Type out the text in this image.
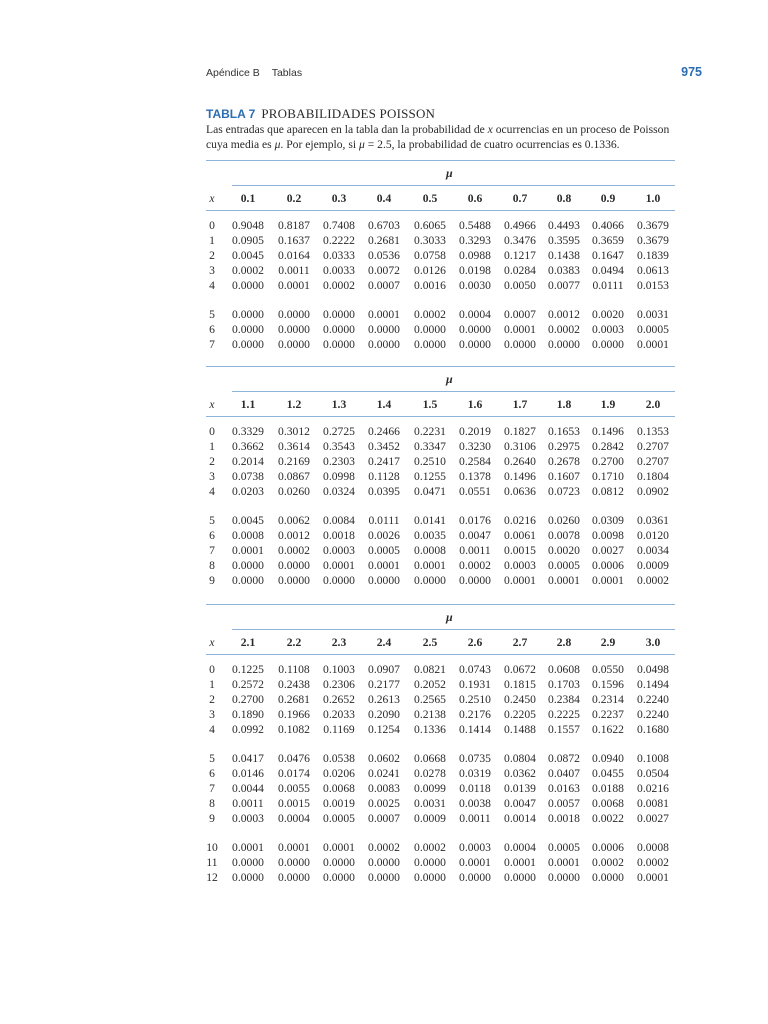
Apéndice B Tablas	975
TABLA 7 PROBABILIDADES POISSON
Las entradas que aparecen en la tabla dan la probabilidad de x ocurrencias en un proceso de Poisson
cuya media es μ. Por ejemplo, si μ = 2.5, la probabilidad de cuatro ocurrencias es 0.1336.
μ
x	0.1	0.2	0.3	0.4	0.5	0.6	0.7	0.8	0.9	1.0
0	0.9048	0.8187	0.7408	0.6703	0.6065	0.5488	0.4966	0.4493	0.4066	0.3679
1	0.0905	0.1637	0.2222	0.2681	0.3033	0.3293	0.3476	0.3595	0.3659	0.3679
2	0.0045	0.0164	0.0333	0.0536	0.0758	0.0988	0.1217	0.1438	0.1647	0.1839
3	0.0002	0.0011	0.0033	0.0072	0.0126	0.0198	0.0284	0.0383	0.0494	0.0613
4	0.0000	0.0001	0.0002	0.0007	0.0016	0.0030	0.0050	0.0077	0.0111	0.0153
5	0.0000	0.0000	0.0000	0.0001	0.0002	0.0004	0.0007	0.0012	0.0020	0.0031
6	0.0000	0.0000	0.0000	0.0000	0.0000	0.0000	0.0001	0.0002	0.0003	0.0005
7	0.0000	0.0000	0.0000	0.0000	0.0000	0.0000	0.0000	0.0000	0.0000	0.0001
μ
x	1.1	1.2	1.3	1.4	1.5	1.6	1.7	1.8	1.9	2.0
0	0.3329	0.3012	0.2725	0.2466	0.2231	0.2019	0.1827	0.1653	0.1496	0.1353
1	0.3662	0.3614	0.3543	0.3452	0.3347	0.3230	0.3106	0.2975	0.2842	0.2707
2	0.2014	0.2169	0.2303	0.2417	0.2510	0.2584	0.2640	0.2678	0.2700	0.2707
3	0.0738	0.0867	0.0998	0.1128	0.1255	0.1378	0.1496	0.1607	0.1710	0.1804
4	0.0203	0.0260	0.0324	0.0395	0.0471	0.0551	0.0636	0.0723	0.0812	0.0902
5	0.0045	0.0062	0.0084	0.0111	0.0141	0.0176	0.0216	0.0260	0.0309	0.0361
6	0.0008	0.0012	0.0018	0.0026	0.0035	0.0047	0.0061	0.0078	0.0098	0.0120
7	0.0001	0.0002	0.0003	0.0005	0.0008	0.0011	0.0015	0.0020	0.0027	0.0034
8	0.0000	0.0000	0.0001	0.0001	0.0001	0.0002	0.0003	0.0005	0.0006	0.0009
9	0.0000	0.0000	0.0000	0.0000	0.0000	0.0000	0.0001	0.0001	0.0001	0.0002
μ
x	2.1	2.2	2.3	2.4	2.5	2.6	2.7	2.8	2.9	3.0
0	0.1225	0.1108	0.1003	0.0907	0.0821	0.0743	0.0672	0.0608	0.0550	0.0498
1	0.2572	0.2438	0.2306	0.2177	0.2052	0.1931	0.1815	0.1703	0.1596	0.1494
2	0.2700	0.2681	0.2652	0.2613	0.2565	0.2510	0.2450	0.2384	0.2314	0.2240
3	0.1890	0.1966	0.2033	0.2090	0.2138	0.2176	0.2205	0.2225	0.2237	0.2240
4	0.0992	0.1082	0.1169	0.1254	0.1336	0.1414	0.1488	0.1557	0.1622	0.1680
5	0.0417	0.0476	0.0538	0.0602	0.0668	0.0735	0.0804	0.0872	0.0940	0.1008
6	0.0146	0.0174	0.0206	0.0241	0.0278	0.0319	0.0362	0.0407	0.0455	0.0504
7	0.0044	0.0055	0.0068	0.0083	0.0099	0.0118	0.0139	0.0163	0.0188	0.0216
8	0.0011	0.0015	0.0019	0.0025	0.0031	0.0038	0.0047	0.0057	0.0068	0.0081
9	0.0003	0.0004	0.0005	0.0007	0.0009	0.0011	0.0014	0.0018	0.0022	0.0027
10	0.0001	0.0001	0.0001	0.0002	0.0002	0.0003	0.0004	0.0005	0.0006	0.0008
11	0.0000	0.0000	0.0000	0.0000	0.0000	0.0001	0.0001	0.0001	0.0002	0.0002
12	0.0000	0.0000	0.0000	0.0000	0.0000	0.0000	0.0000	0.0000	0.0000	0.0001
